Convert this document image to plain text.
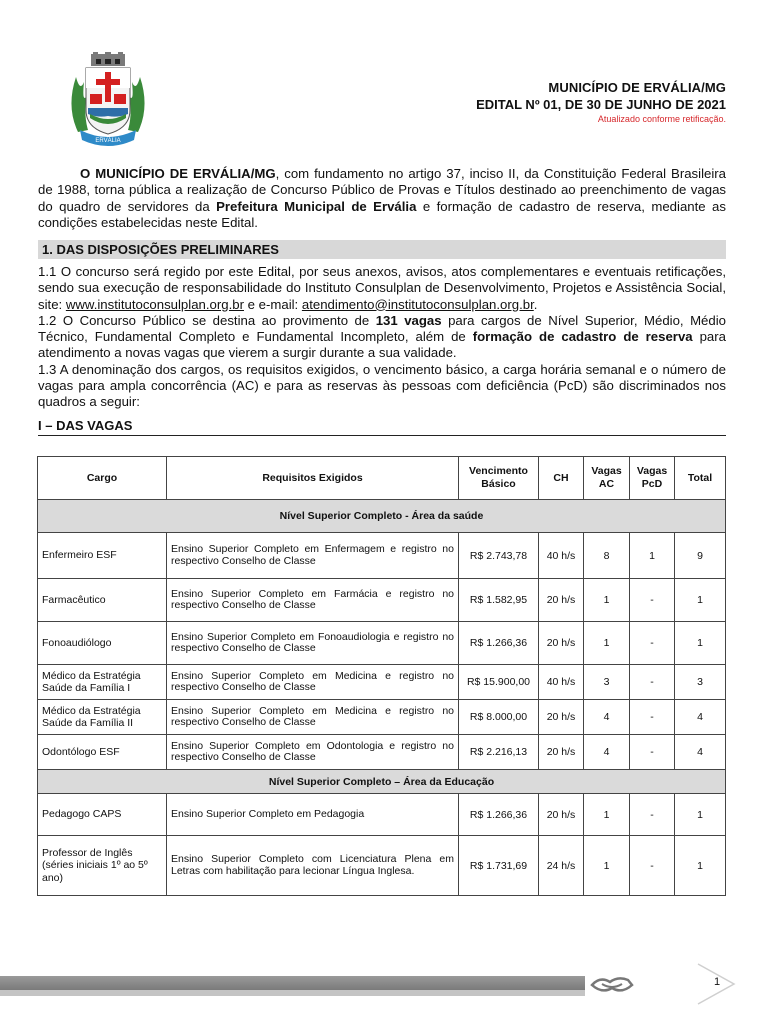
ERVÁLIA
MUNICÍPIO DE ERVÁLIA/MG
EDITAL Nº 01, DE 30 DE JUNHO DE 2021
Atualizado conforme retificação.
O MUNICÍPIO DE ERVÁLIA/MG, com fundamento no artigo 37, inciso II, da Constituição Federal Brasileira de 1988, torna pública a realização de Concurso Público de Provas e Títulos destinado ao preenchimento de vagas do quadro de servidores da Prefeitura Municipal de Ervália e formação de cadastro de reserva, mediante as condições estabelecidas neste Edital.
1. DAS DISPOSIÇÕES PRELIMINARES

1.1 O concurso será regido por este Edital, por seus anexos, avisos, atos complementares e eventuais retificações, sendo sua execução de responsabilidade do Instituto Consulplan de Desenvolvimento, Projetos e Assistência Social, site: www.institutoconsulplan.org.br e e-mail: atendimento@institutoconsulplan.org.br.

1.2 O Concurso Público se destina ao provimento de 131 vagas para cargos de Nível Superior, Médio, Médio Técnico, Fundamental Completo e Fundamental Incompleto, além de formação de cadastro de reserva para atendimento a novas vagas que vierem a surgir durante a sua validade.

1.3 A denominação dos cargos, os requisitos exigidos, o vencimento básico, a carga horária semanal e o número de vagas para ampla concorrência (AC) e para as reservas às pessoas com deficiência (PcD) são discriminados nos quadros a seguir:

I – DAS VAGAS
Cargo	Requisitos Exigidos	Vencimento Básico	CH	Vagas AC	Vagas PcD	Total
Nível Superior Completo - Área da saúde						
Enfermeiro ESF	Ensino Superior Completo em Enfermagem e registro no respectivo Conselho de Classe	R$ 2.743,78	40 h/s	8	1	9
Farmacêutico	Ensino Superior Completo em Farmácia e registro no respectivo Conselho de Classe	R$ 1.582,95	20 h/s	1	-	1
Fonoaudiólogo	Ensino Superior Completo em Fonoaudiologia e registro no respectivo Conselho de Classe	R$ 1.266,36	20 h/s	1	-	1
Médico da Estratégia Saúde da Família I	Ensino Superior Completo em Medicina e registro no respectivo Conselho de Classe	R$ 15.900,00	40 h/s	3	-	3
Médico da Estratégia Saúde da Família II	Ensino Superior Completo em Medicina e registro no respectivo Conselho de Classe	R$ 8.000,00	20 h/s	4	-	4
Odontólogo ESF	Ensino Superior Completo em Odontologia e registro no respectivo Conselho de Classe	R$ 2.216,13	20 h/s	4	-	4
Nível Superior Completo – Área da Educação						
Pedagogo CAPS	Ensino Superior Completo em Pedagogia	R$ 1.266,36	20 h/s	1	-	1
Professor de Inglês (séries iniciais 1º ao 5º ano)	Ensino Superior Completo com Licenciatura Plena em Letras com habilitação para lecionar Língua Inglesa.	R$ 1.731,69	24 h/s	1	-	1
1
